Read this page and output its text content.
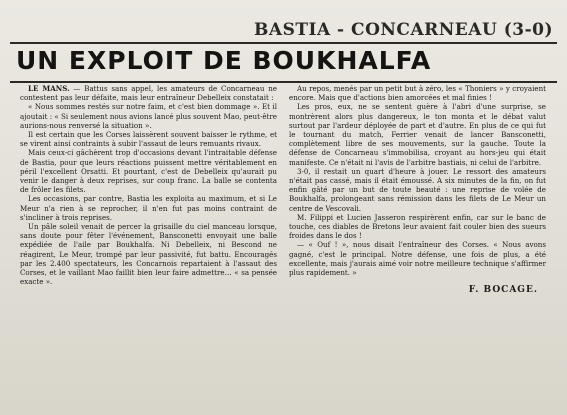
BASTIA - CONCARNEAU (3-0)
UN EXPLOIT DE BOUKHALFA

LE MANS. — Battus sans appel, les amateurs de Concarneau ne contestent pas leur défaite, mais leur entraîneur Debelleix constatait :

« Nous sommes restés sur notre faim, et c'est bien dommage ». Et il ajoutait : « Si seulement nous avions lancé plus souvent Mao, peut-être aurions-nous renversé la situation ».

Il est certain que les Corses laissèrent souvent baisser le rythme, et se virent ainsi contraints à subir l'assaut de leurs remuants rivaux.

Mais ceux-ci gâchèrent trop d'occasions devant l'intraitable défense de Bastia, pour que leurs réactions puissent mettre véritablement en péril l'excellent Orsatti. Et pourtant, c'est de Debelleix qu'aurait pu venir le danger à deux reprises, sur coup franc. La balle se contenta de frôler les filets.

Les occasions, par contre, Bastia les exploita au maximum, et si Le Meur n'a rien à se reprocher, il n'en fut pas moins contraint de s'incliner à trois reprises.

Un pâle soleil venait de percer la grisaille du ciel manceau lorsque, sans doute pour fêter l'événement, Bansconetti envoyait une balle expédiée de l'aile par Boukhalfa. Ni Debelleix, ni Bescond ne réagirent, Le Meur, trompé par leur passivité, fut battu. Encouragés par les 2.400 spectateurs, les Concarnois repartaient à l'assaut des Corses, et le vaillant Mao faillit bien leur faire admettre… « sa pensée exacte ».

Au repos, menés par un petit but à zéro, les « Thoniers » y croyaient encore. Mais que d'actions bien amorcées et mal finies !

Les pros, eux, ne se sentent guère à l'abri d'une surprise, se montrèrent alors plus dangereux, le ton monta et le débat valut surtout par l'ardeur déployée de part et d'autre. En plus de ce qui fut le tournant du match, Ferrier venait de lancer Bansconetti, complètement libre de ses mouvements, sur la gauche. Toute la défense de Concarneau s'immobilisa, croyant au hors-jeu qui était manifeste. Ce n'était ni l'avis de l'arbitre bastiais, ni celui de l'arbitre.

3-0, il restait un quart d'heure à jouer. Le ressort des amateurs n'était pas cassé, mais il était émoussé. A six minutes de la fin, on fut enfin gâté par un but de toute beauté : une reprise de volée de Boukhalfa, prolongeant sans rémission dans les filets de Le Meur un centre de Vescovali.

M. Filippi et Lucien Jasseron respirèrent enfin, car sur le banc de touche, ces diables de Bretons leur avaient fait couler bien des sueurs froides dans le dos !

— « Ouf ! », nous disait l'entraîneur des Corses. « Nous avons gagné, c'est le principal. Notre défense, une fois de plus, a été excellente, mais j'aurais aimé voir notre meilleure technique s'affirmer plus rapidement. »

F. BOCAGE.
